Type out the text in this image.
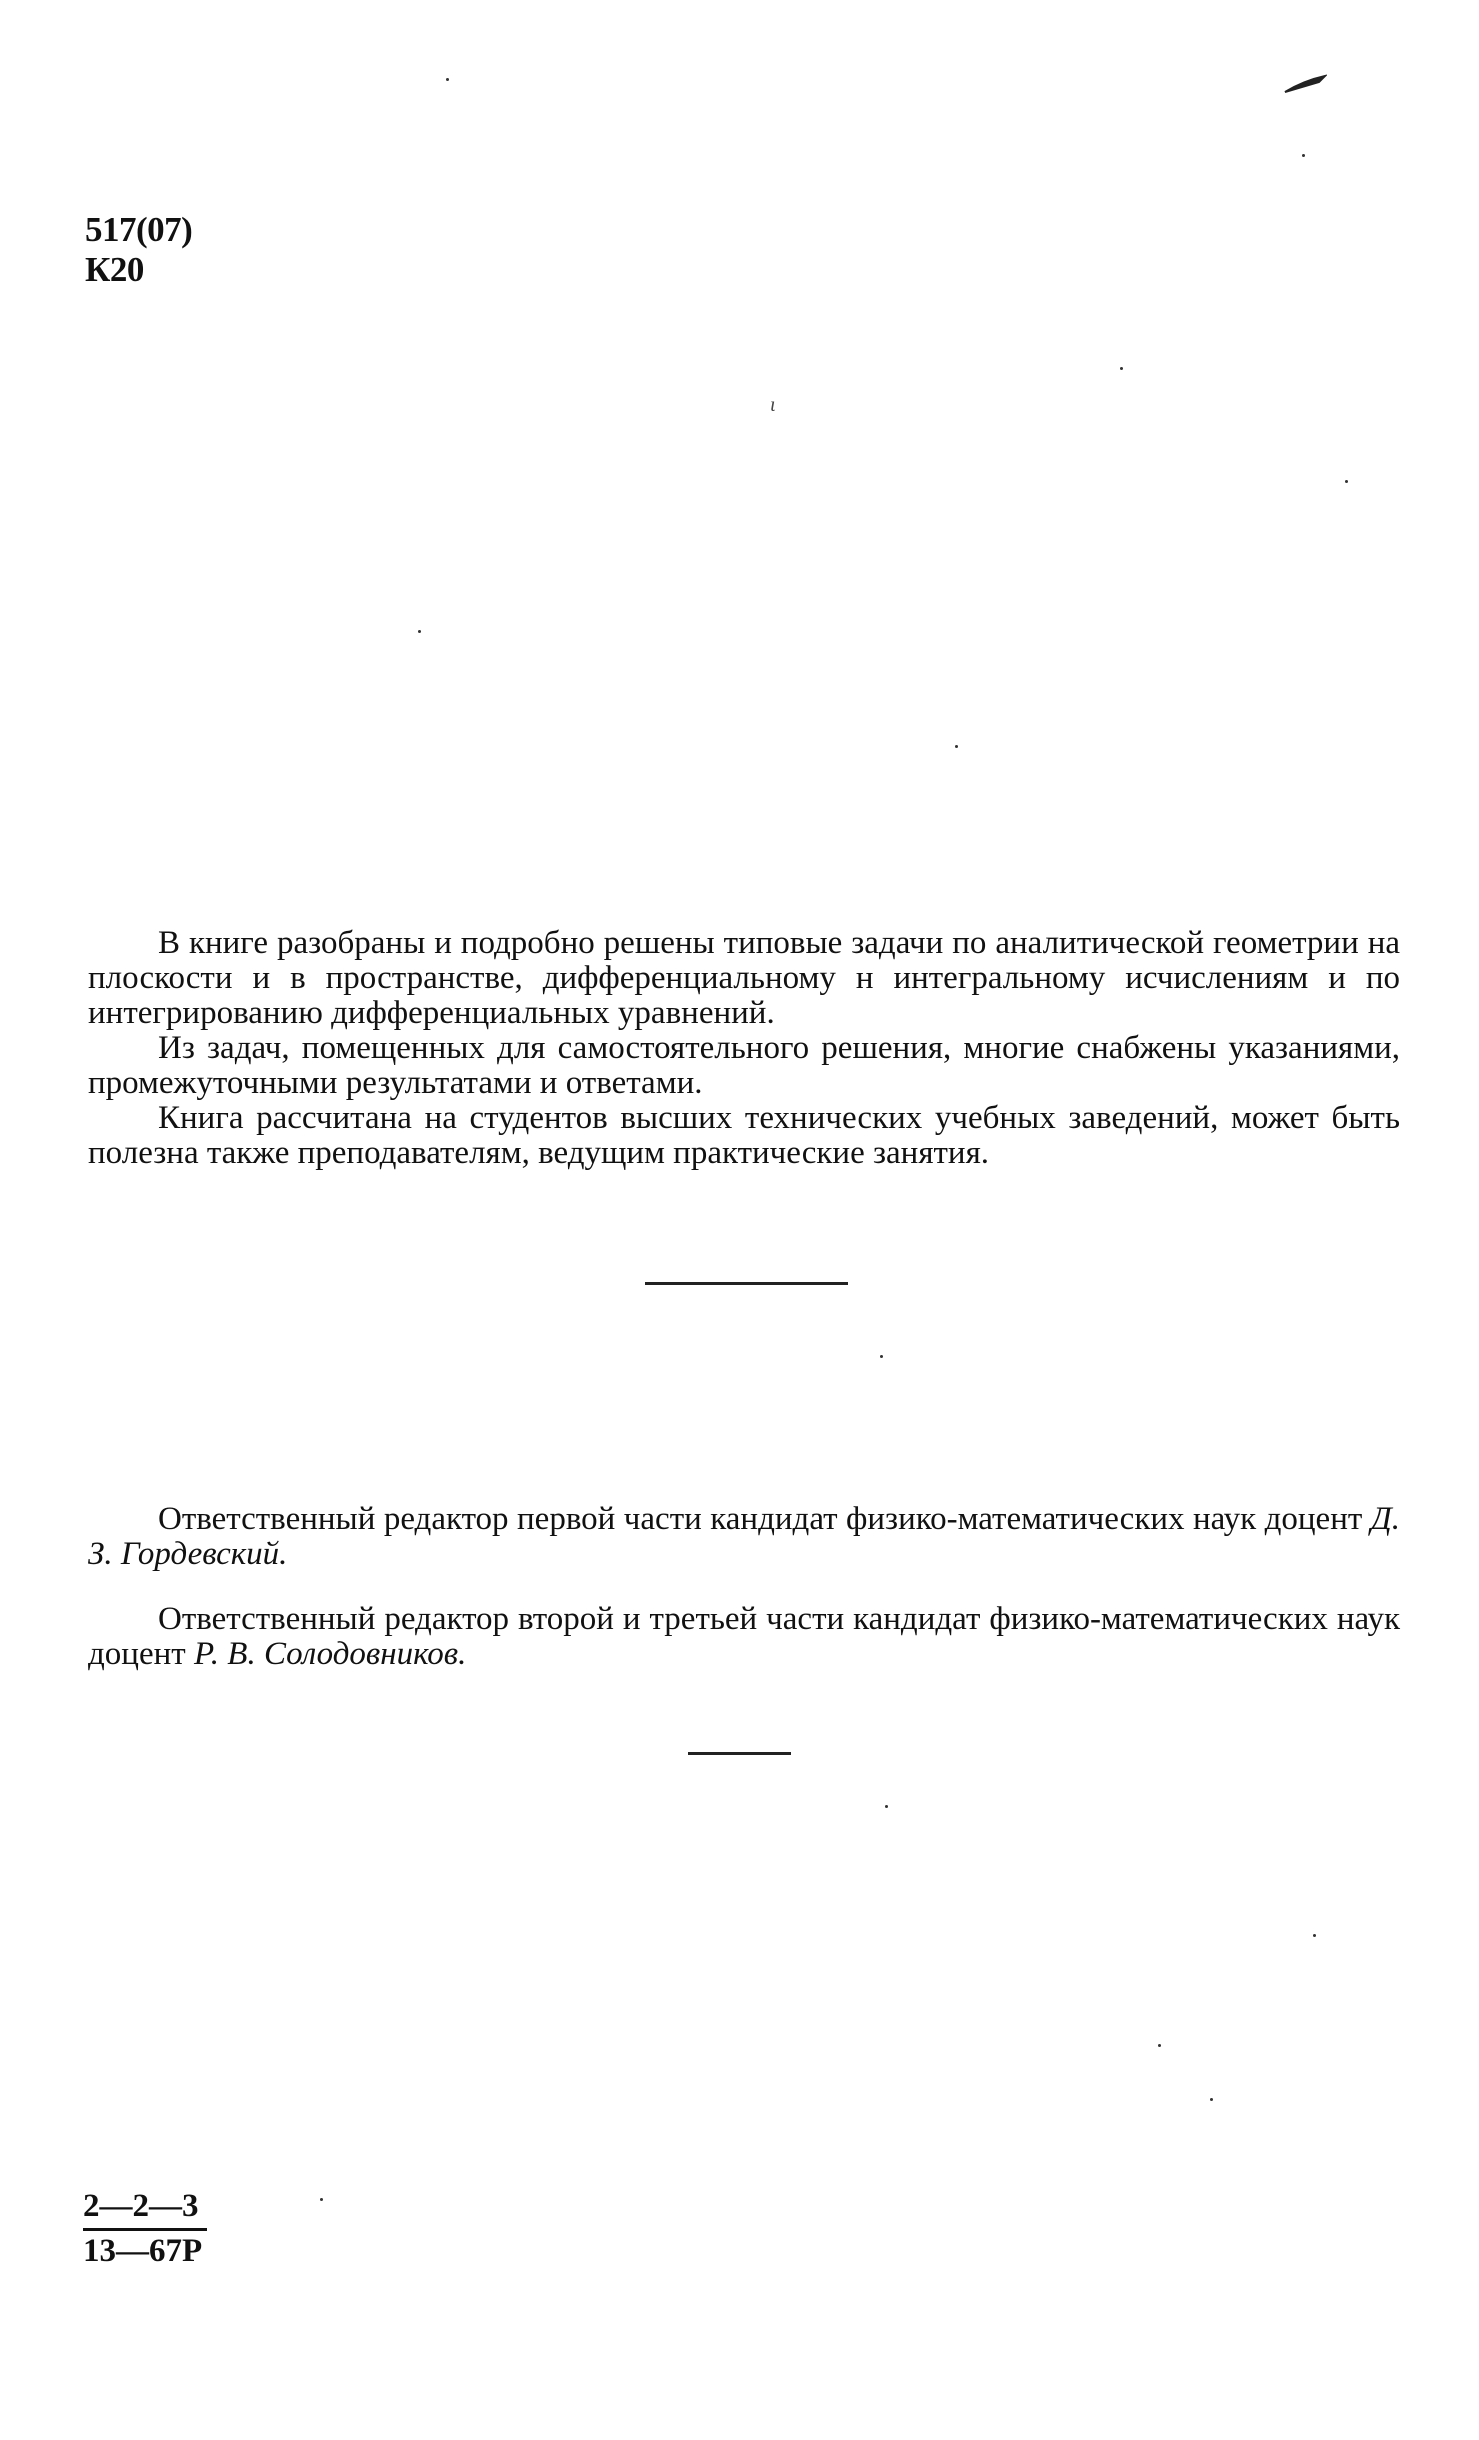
ι
517(07)
К20

В книге разобраны и подробно решены типовые задачи по аналитической геометрии на плоскости и в пространстве, дифференциальному н интегральному исчислениям и по интегрированию дифференциальных уравнений.

Из задач, помещенных для самостоятельного решения, многие снабжены указаниями, промежуточными результатами и ответами.

Книга рассчитана на студентов высших технических учебных заведений, может быть полезна также преподавателям, ведущим практические занятия.

Ответственный редактор первой части кандидат физико-математических наук доцент Д. З. Гордевский.

Ответственный редактор второй и третьей части кандидат физико-математических наук доцент Р. В. Солодовников.

2—2—3
13—67Р
